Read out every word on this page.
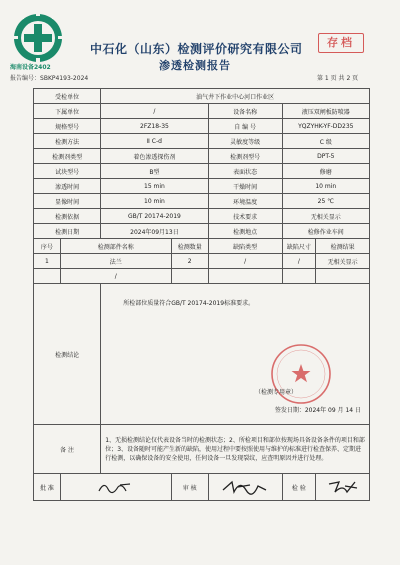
海南设备2402
报告编号：SBKP4193-2024
中石化（山东）检测评价研究有限公司
渗透检测报告
存档
第 1 页 共 2 页
受检单位		油气井下作业中心河口作业区				
下属单位		/		设备名称	液压双闸板防喷器	
规格型号		2FZ18-35		自 编 号	YQZYHK-YF-DD235	
检测方法		Ⅱ C-d		灵敏度等级	C 级	
检测剂类型		着色渗透探伤剂		检测剂型号	DPT-5	
试块型号		B型		表面状态	修磨	
渗透时间		15 min		干燥时间	10 min	
显像时间		10 min		环境温度	25 ℃	
检测依据		GB/T 20174-2019		技术要求	无相关显示	
检测日期		2024年09月13日		检测地点	检修作业车间	
序号	检测部件名称		检测数量	缺陷类型	缺陷尺寸	检测结果
1	法兰		2	/	/	无相关显示
	/					
检测结论		所检部位质量符合GB/T 20174-2019标准要求。
（检测专用章）
签发日期：2024年 09 月 14 日				

备 注		1、无损检测结论仅代表设备当时的检测状态；2、所检项目和部位按现场具备设备条件的项目和部位；3、设备随时可能产生新的缺陷，使用过程中要按照使用与维护的标准进行检查保养、定期进行检测，以确保设备的安全使用，任何设备一旦发现裂纹，应查明原因并进行处理。				
批 准			审 核		检 验	
